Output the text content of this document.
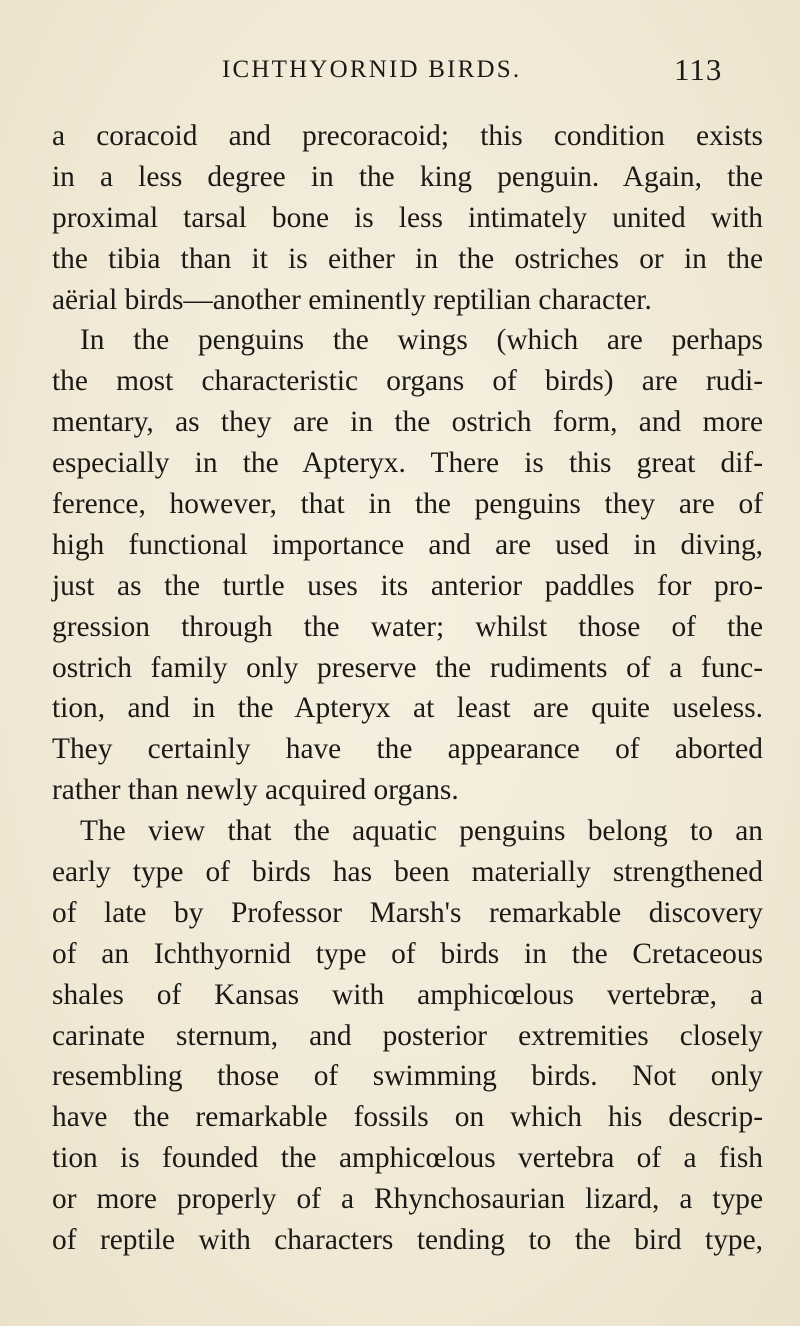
ICHTHYORNID BIRDS.	113
a coracoid and precoracoid; this condition exists
in a less degree in the king penguin. Again, the
proximal tarsal bone is less intimately united with
the tibia than it is either in the ostriches or in the
aërial birds—another eminently reptilian character.
In the penguins the wings (which are perhaps
the most characteristic organs of birds) are rudi-
mentary, as they are in the ostrich form, and more
especially in the Apteryx. There is this great dif-
ference, however, that in the penguins they are of
high functional importance and are used in diving,
just as the turtle uses its anterior paddles for pro-
gression through the water; whilst those of the
ostrich family only preserve the rudiments of a func-
tion, and in the Apteryx at least are quite useless.
They certainly have the appearance of aborted
rather than newly acquired organs.
The view that the aquatic penguins belong to an
early type of birds has been materially strengthened
of late by Professor Marsh's remarkable discovery
of an Ichthyornid type of birds in the Cretaceous
shales of Kansas with amphicœlous vertebræ, a
carinate sternum, and posterior extremities closely
resembling those of swimming birds. Not only
have the remarkable fossils on which his descrip-
tion is founded the amphicœlous vertebra of a fish
or more properly of a Rhynchosaurian lizard, a type
of reptile with characters tending to the bird type,
